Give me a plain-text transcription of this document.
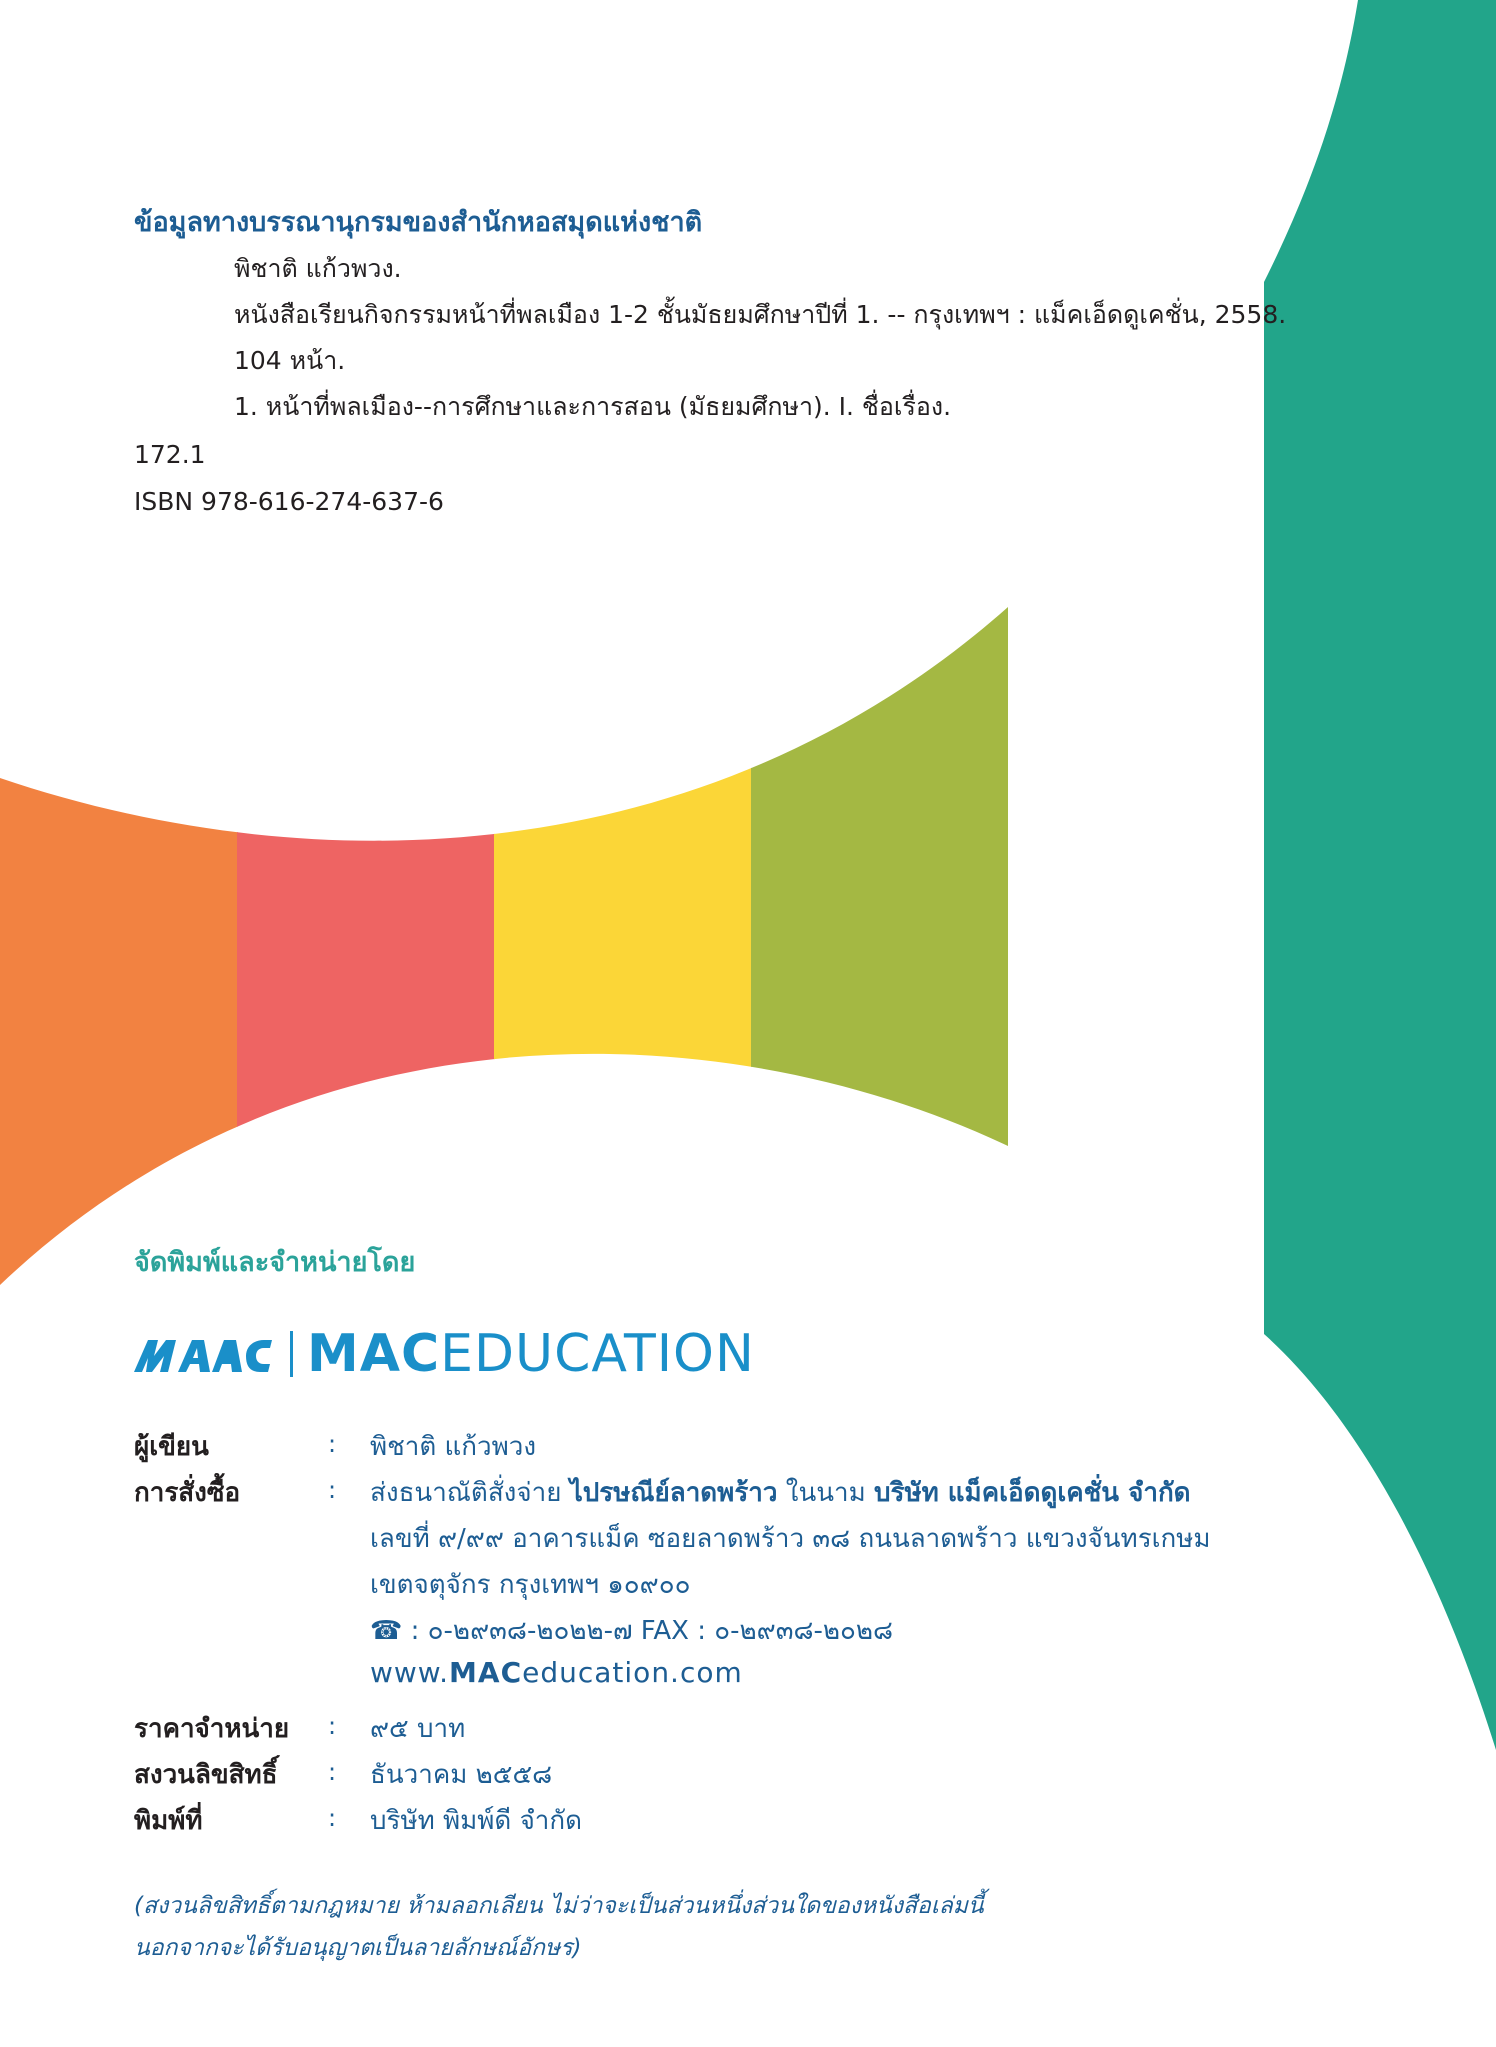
ข้อมูลทางบรรณานุกรมของสำนักหอสมุดแห่งชาติ
พิชาติ แก้วพวง.
หนังสือเรียนกิจกรรมหน้าที่พลเมือง 1-2 ชั้นมัธยมศึกษาปีที่ 1. -- กรุงเทพฯ : แม็คเอ็ดดูเคชั่น, 2558.
104 หน้า.
1. หน้าที่พลเมือง--การศึกษาและการสอน (มัธยมศึกษา). I. ชื่อเรื่อง.
172.1
ISBN 978-616-274-637-6
จัดพิมพ์และจำหน่ายโดย
MACEDUCATION
ผู้เขียน	: พิชาติ แก้วพวง
การสั่งซื้อ	: ส่งธนาณัติสั่งจ่าย ไปรษณีย์ลาดพร้าว ในนาม บริษัท แม็คเอ็ดดูเคชั่น จำกัด
เลขที่ ๙/๙๙ อาคารแม็ค ซอยลาดพร้าว ๓๘ ถนนลาดพร้าว แขวงจันทรเกษม
เขตจตุจักร กรุงเทพฯ ๑๐๙๐๐
☎ : ๐-๒๙๓๘-๒๐๒๒-๗ FAX : ๐-๒๙๓๘-๒๐๒๘
www.MACeducation.com
ราคาจำหน่าย : ๙๕ บาท
สงวนลิขสิทธิ์ : ธันวาคม ๒๕๕๘
พิมพ์ที่	: บริษัท พิมพ์ดี จำกัด
(สงวนลิขสิทธิ์ตามกฎหมาย ห้ามลอกเลียน ไม่ว่าจะเป็นส่วนหนึ่งส่วนใดของหนังสือเล่มนี้
นอกจากจะได้รับอนุญาตเป็นลายลักษณ์อักษร)
